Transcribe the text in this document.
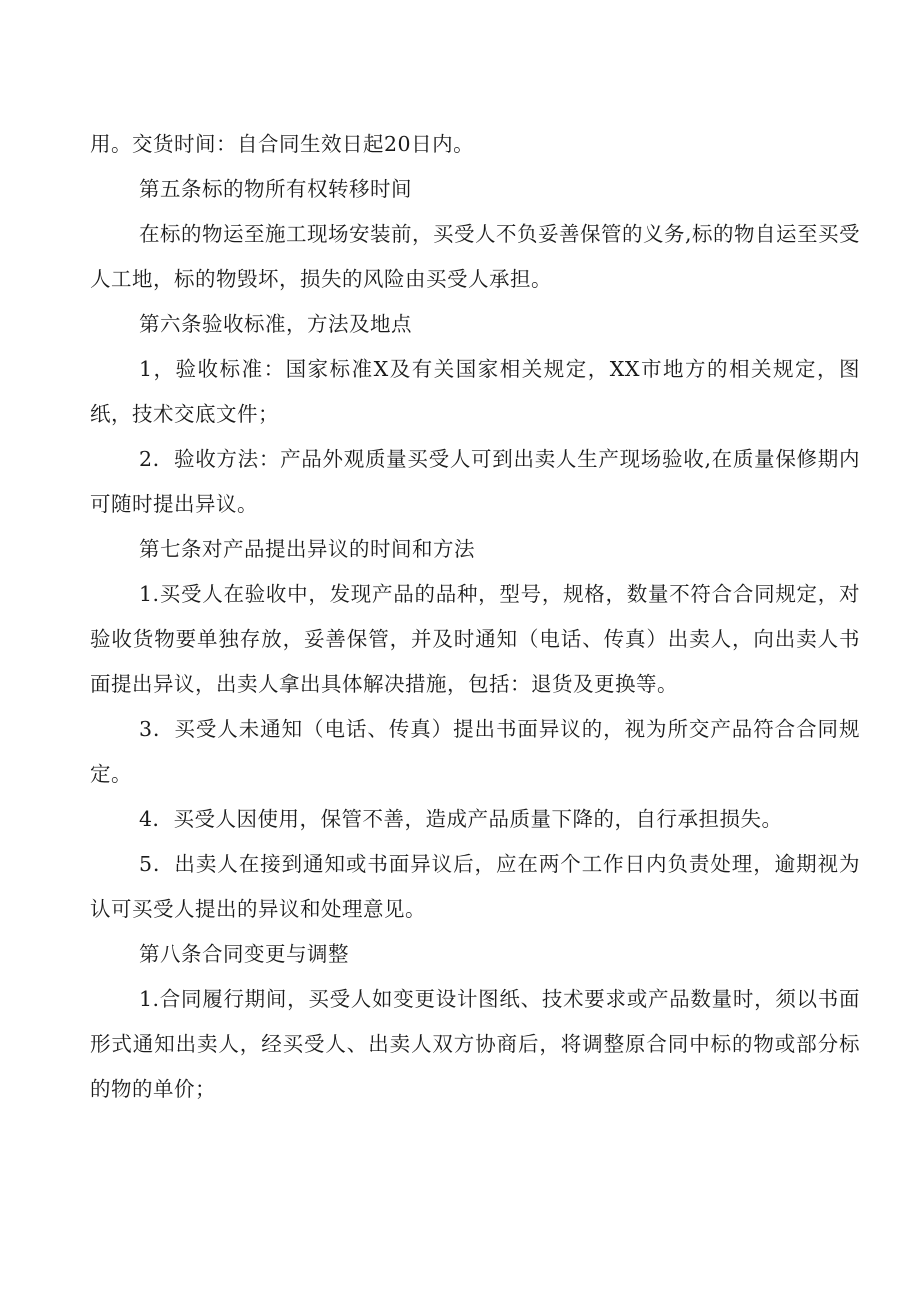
用。交货时间：自合同生效日起20日内。

第五条标的物所有权转移时间

在标的物运至施工现场安装前，买受人不负妥善保管的义务,标的物自运至买受人工地，标的物毁坏，损失的风险由买受人承担。

第六条验收标准，方法及地点

1，验收标准：国家标准X及有关国家相关规定，XX市地方的相关规定，图纸，技术交底文件；

2．验收方法：产品外观质量买受人可到出卖人生产现场验收,在质量保修期内可随时提出异议。

第七条对产品提出异议的时间和方法

1.买受人在验收中，发现产品的品种，型号，规格，数量不符合合同规定，对验收货物要单独存放，妥善保管，并及时通知（电话、传真）出卖人，向出卖人书面提出异议，出卖人拿出具体解决措施，包括：退货及更换等。

3．买受人未通知（电话、传真）提出书面异议的，视为所交产品符合合同规定。

4．买受人因使用，保管不善，造成产品质量下降的，自行承担损失。

5．出卖人在接到通知或书面异议后，应在两个工作日内负责处理，逾期视为认可买受人提出的异议和处理意见。

第八条合同变更与调整

1.合同履行期间，买受人如变更设计图纸、技术要求或产品数量时，须以书面形式通知出卖人，经买受人、出卖人双方协商后，将调整原合同中标的物或部分标的物的单价；
